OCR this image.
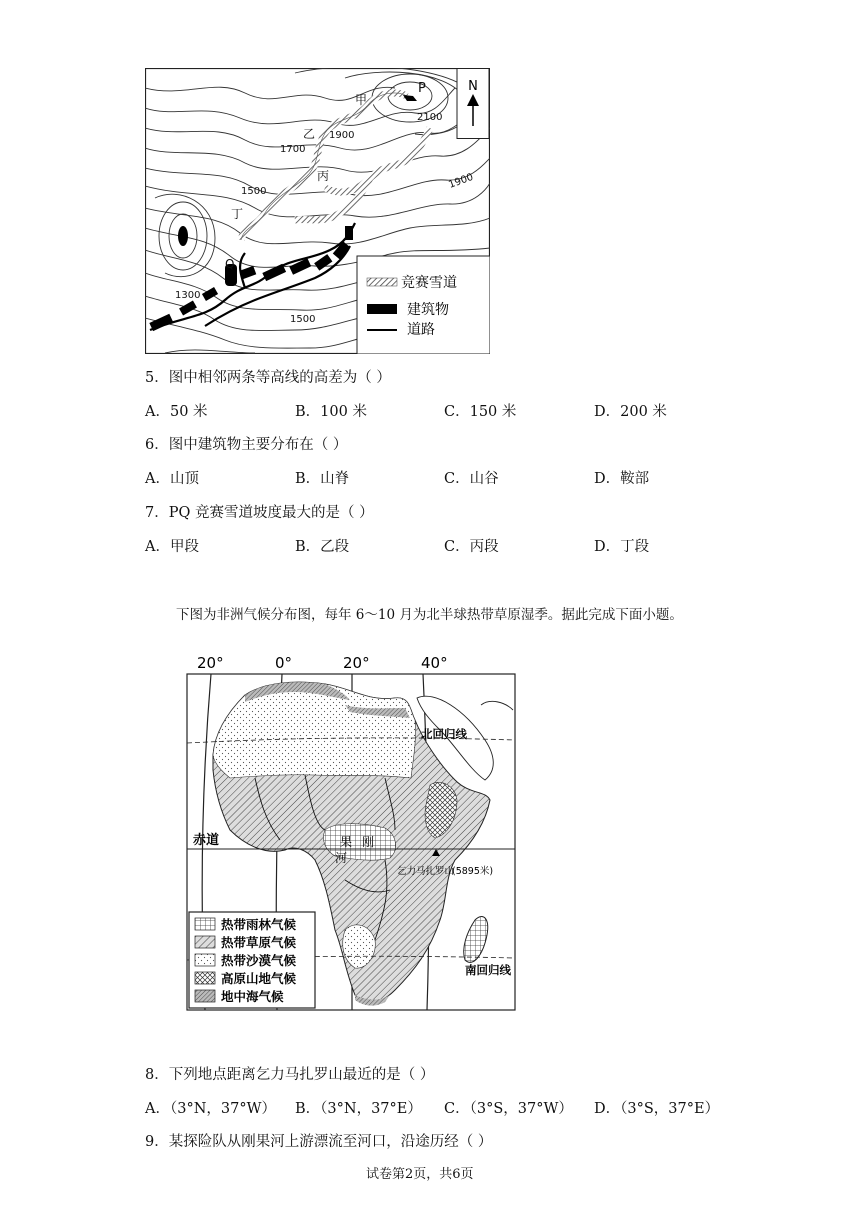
N
甲
P
2100
1900
乙
1700
丙	1900
1500
丁
Q
1300
1500
竞赛雪道
建筑物
道路
5．图中相邻两条等高线的高差为（ ）
A．50 米	B．100 米	C．150 米	D．200 米
6．图中建筑物主要分布在（ ）
A．山顶	B．山脊	C．山谷	D．鞍部
7．PQ 竞赛雪道坡度最大的是（ ）
A．甲段	B．乙段	C．丙段	D．丁段
下图为非洲气候分布图，每年 6～10 月为北半球热带草原湿季。据此完成下面小题。
20°	0°	20°	40°
北回归线
赤道
南回归线
果 刚
河
乞力马扎罗山
(5895米)
热带雨林气候
热带草原气候
热带沙漠气候
高原山地气候
地中海气候
8．下列地点距离乞力马扎罗山最近的是（ ）
A．（3°N，37°W） B．（3°N，37°E） C．（3°S，37°W） D．（3°S，37°E）
9．某探险队从刚果河上游漂流至河口，沿途历经（ ）
试卷第2页，共6页
